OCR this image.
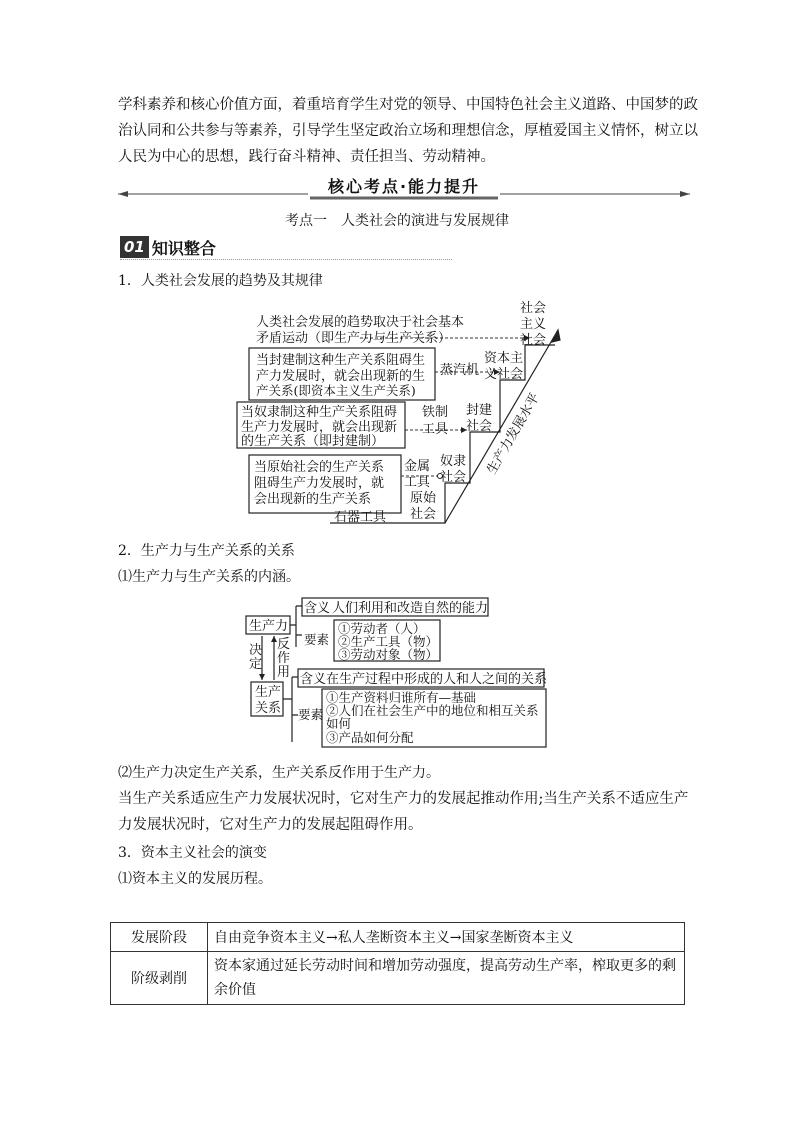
学科素养和核心价值方面，着重培育学生对党的领导、中国特色社会主义道路、中国梦的政
治认同和公共参与等素养，引导学生坚定政治立场和理想信念，厚植爱国主义情怀，树立以
人民为中心的思想，践行奋斗精神、责任担当、劳动精神。
核心考点·能力提升
考点一　人类社会的演进与发展规律
01 知识整合
1．人类社会发展的趋势及其规律
人类社会发展的趋势取决于社会基本
矛盾运动（即生产力与生产关系）
当封建制这种生产关系阻碍生
产力发展时，就会出现新的生
产关系(即资本主义生产关系)
当奴隶制这种生产关系阻碍
生产力发展时，就会出现新
的生产关系（即封建制）
当原始社会的生产关系
阻碍生产力发展时，就
会出现新的生产关系
石器工具
金属
工具
铁制
工具
蒸汽机
原始
社会
奴隶
社会
封建
社会
资本主
义社会
社会
主义
社会
生产力发展水平
2．生产力与生产关系的关系
⑴生产力与生产关系的内涵。
生产力
生产
关系
决
定
反
作
用
含义 人们利用和改造自然的能力
要素
①劳动者（人）
②生产工具（物）
③劳动对象（物）
含义 在生产过程中形成的人和人之间的关系
要素
①生产资料归谁所有—基础
②人们在社会生产中的地位和相互关系
如何
③产品如何分配
⑵生产力决定生产关系，生产关系反作用于生产力。
当生产关系适应生产力发展状况时，它对生产力的发展起推动作用;当生产关系不适应生产
力发展状况时，它对生产力的发展起阻碍作用。
3．资本主义社会的演变
⑴资本主义的发展历程。
发展阶段	自由竞争资本主义→私人垄断资本主义→国家垄断资本主义
阶级剥削	资本家通过延长劳动时间和增加劳动强度，提高劳动生产率，榨取更多的剩余价值
